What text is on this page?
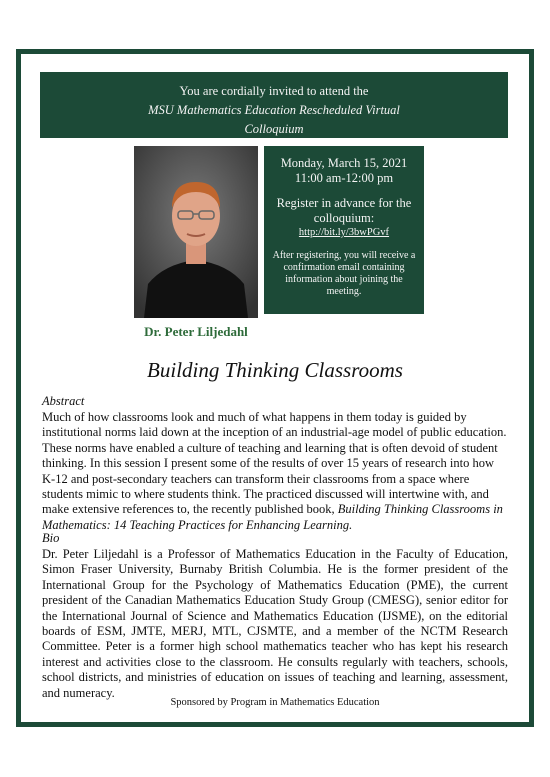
You are cordially invited to attend the
MSU Mathematics Education Rescheduled Virtual
Colloquium
Monday, March 15, 2021
11:00 am-12:00 pm
Register in advance for the colloquium:
http://bit.ly/3bwPGvf
After registering, you will receive a confirmation email containing information about joining the meeting.
Dr. Peter Liljedahl
Building Thinking Classrooms
Abstract
Much of how classrooms look and much of what happens in them today is guided by institutional norms laid down at the inception of an industrial-age model of public education. These norms have enabled a culture of teaching and learning that is often devoid of student thinking. In this session I present some of the results of over 15 years of research into how K-12 and post-secondary teachers can transform their classrooms from a space where students mimic to where students think. The practiced discussed will intertwine with, and make extensive references to, the recently published book, Building Thinking Classrooms in Mathematics: 14 Teaching Practices for Enhancing Learning.
Bio
Dr. Peter Liljedahl is a Professor of Mathematics Education in the Faculty of Education, Simon Fraser University, Burnaby British Columbia. He is the former president of the International Group for the Psychology of Mathematics Education (PME), the current president of the Canadian Mathematics Education Study Group (CMESG), senior editor for the International Journal of Science and Mathematics Education (IJSME), on the editorial boards of ESM, JMTE, MERJ, MTL, CJSMTE, and a member of the NCTM Research Committee. Peter is a former high school mathematics teacher who has kept his research interest and activities close to the classroom. He consults regularly with teachers, schools, school districts, and ministries of education on issues of teaching and learning, assessment, and numeracy.
Sponsored by Program in Mathematics Education
